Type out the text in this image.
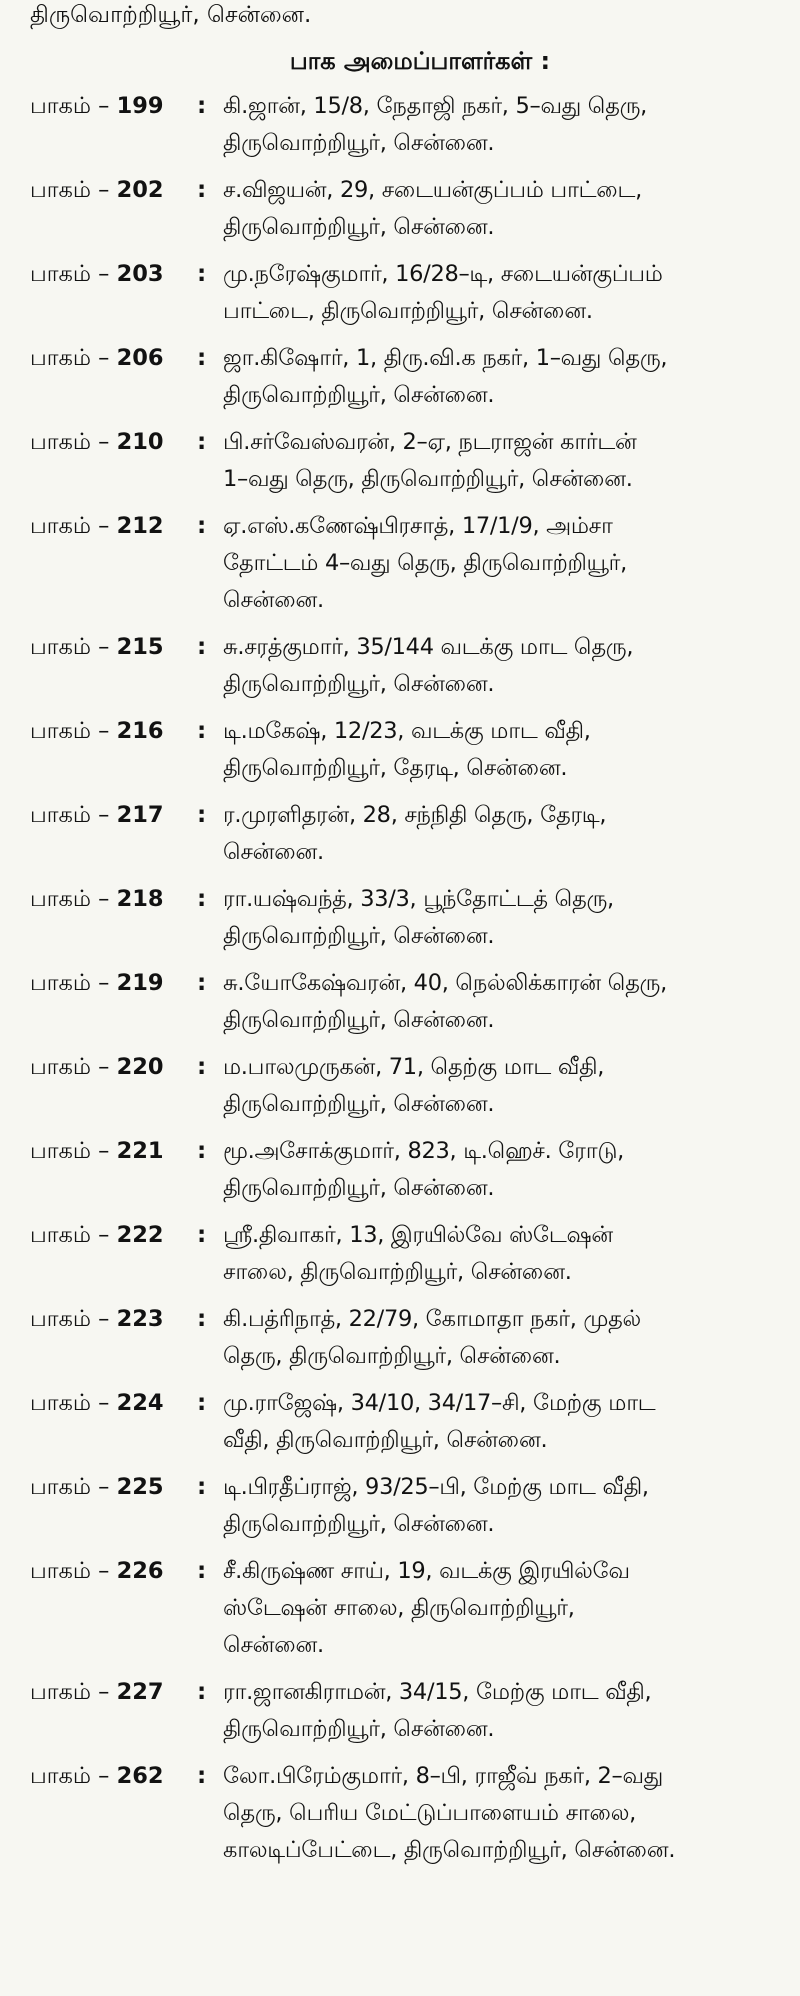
திருவொற்றியூர், சென்னை.
பாக அமைப்பாளர்கள் :
பாகம் – 199	: கி.ஜான், 15/8, நேதாஜி நகர், 5–வது தெரு,
திருவொற்றியூர், சென்னை.
பாகம் – 202	: ச.விஜயன், 29, சடையன்குப்பம் பாட்டை,
திருவொற்றியூர், சென்னை.
பாகம் – 203	: மு.நரேஷ்குமார், 16/28–டி, சடையன்குப்பம்
பாட்டை, திருவொற்றியூர், சென்னை.
பாகம் – 206	: ஜா.கிஷோர், 1, திரு.வி.க நகர், 1–வது தெரு,
திருவொற்றியூர், சென்னை.
பாகம் – 210	: பி.சர்வேஸ்வரன், 2–ஏ, நடராஜன் கார்டன்
1–வது தெரு, திருவொற்றியூர், சென்னை.
பாகம் – 212	: ஏ.எஸ்.கணேஷ்பிரசாத், 17/1/9, அம்சா
தோட்டம் 4–வது தெரு, திருவொற்றியூர்,
சென்னை.
பாகம் – 215	: சு.சரத்குமார், 35/144 வடக்கு மாட தெரு,
திருவொற்றியூர், சென்னை.
பாகம் – 216	: டி.மகேஷ், 12/23, வடக்கு மாட வீதி,
திருவொற்றியூர், தேரடி, சென்னை.
பாகம் – 217	: ர.முரளிதரன், 28, சந்நிதி தெரு, தேரடி,
சென்னை.
பாகம் – 218	: ரா.யஷ்வந்த், 33/3, பூந்தோட்டத் தெரு,
திருவொற்றியூர், சென்னை.
பாகம் – 219	: சு.யோகேஷ்வரன், 40, நெல்லிக்காரன் தெரு,
திருவொற்றியூர், சென்னை.
பாகம் – 220	: ம.பாலமுருகன், 71, தெற்கு மாட வீதி,
திருவொற்றியூர், சென்னை.
பாகம் – 221	: மூ.அசோக்குமார், 823, டி.ஹெச். ரோடு,
திருவொற்றியூர், சென்னை.
பாகம் – 222	: ஸ்ரீ.திவாகர், 13, இரயில்வே ஸ்டேஷன்
சாலை, திருவொற்றியூர், சென்னை.
பாகம் – 223	: கி.பத்ரிநாத், 22/79, கோமாதா நகர், முதல்
தெரு, திருவொற்றியூர், சென்னை.
பாகம் – 224	: மு.ராஜேஷ், 34/10, 34/17–சி, மேற்கு மாட
வீதி, திருவொற்றியூர், சென்னை.
பாகம் – 225	: டி.பிரதீப்ராஜ், 93/25–பி, மேற்கு மாட வீதி,
திருவொற்றியூர், சென்னை.
பாகம் – 226	: சீ.கிருஷ்ண சாய், 19, வடக்கு இரயில்வே
ஸ்டேஷன் சாலை, திருவொற்றியூர்,
சென்னை.
பாகம் – 227	: ரா.ஜானகிராமன், 34/15, மேற்கு மாட வீதி,
திருவொற்றியூர், சென்னை.
பாகம் – 262	: லோ.பிரேம்குமார், 8–பி, ராஜீவ் நகர், 2–வது
தெரு, பெரிய மேட்டுப்பாளையம் சாலை,
காலடிப்பேட்டை, திருவொற்றியூர், சென்னை.
